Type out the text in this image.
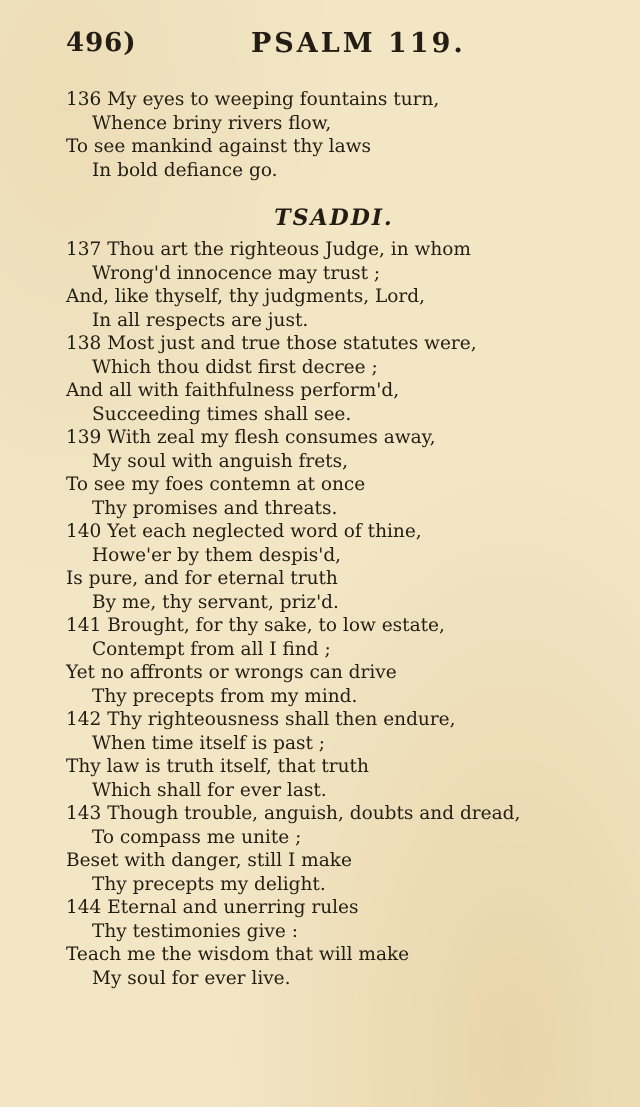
496)	PSALM 119.
136 My eyes to weeping fountains turn,
Whence briny rivers flow,
To see mankind against thy laws
In bold defiance go.
TSADDI.
137 Thou art the righteous Judge, in whom
Wrong'd innocence may trust ;
And, like thyself, thy judgments, Lord,
In all respects are just.
138 Most just and true those statutes were,
Which thou didst first decree ;
And all with faithfulness perform'd,
Succeeding times shall see.
139 With zeal my flesh consumes away,
My soul with anguish frets,
To see my foes contemn at once
Thy promises and threats.
140 Yet each neglected word of thine,
Howe'er by them despis'd,
Is pure, and for eternal truth
By me, thy servant, priz'd.
141 Brought, for thy sake, to low estate,
Contempt from all I find ;
Yet no affronts or wrongs can drive
Thy precepts from my mind.
142 Thy righteousness shall then endure,
When time itself is past ;
Thy law is truth itself, that truth
Which shall for ever last.
143 Though trouble, anguish, doubts and dread,
To compass me unite ;
Beset with danger, still I make
Thy precepts my delight.
144 Eternal and unerring rules
Thy testimonies give :
Teach me the wisdom that will make
My soul for ever live.
